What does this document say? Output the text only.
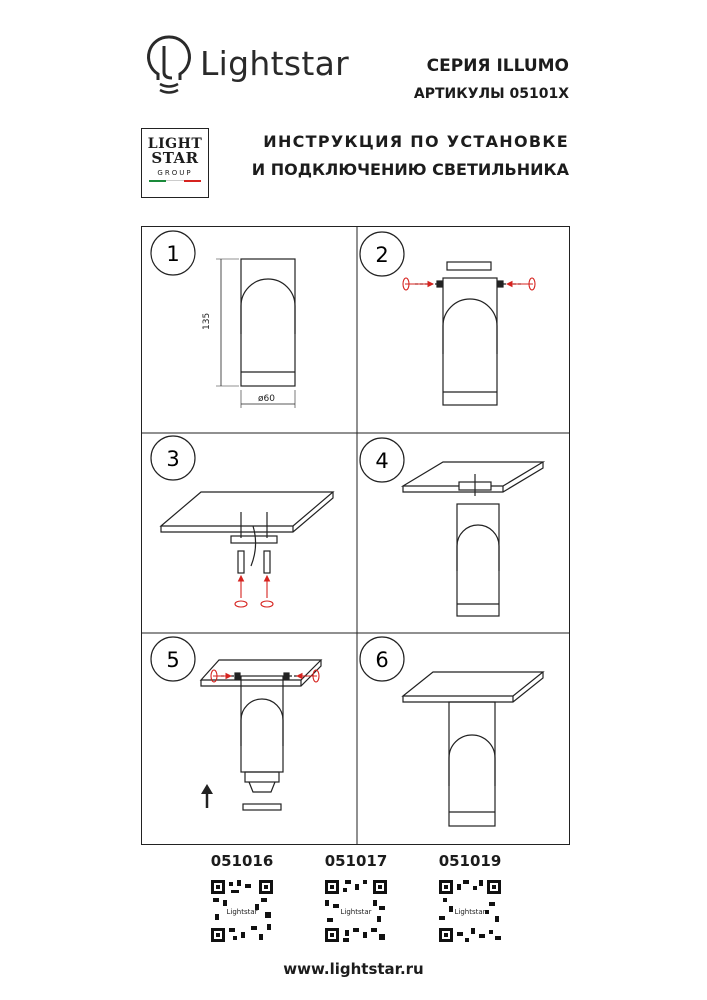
Lightstar	СЕРИЯ ILLUMO
АРТИКУЛЫ 05101X
LIGHT
STAR
GROUP
ИНСТРУКЦИЯ ПО УСТАНОВКЕ
И ПОДКЛЮЧЕНИЮ СВЕТИЛЬНИКА
1	2
3	4
5	6
135
ø60
051016	051017	051019
Lightstar	Lightstar	Lightstar
www.lightstar.ru
